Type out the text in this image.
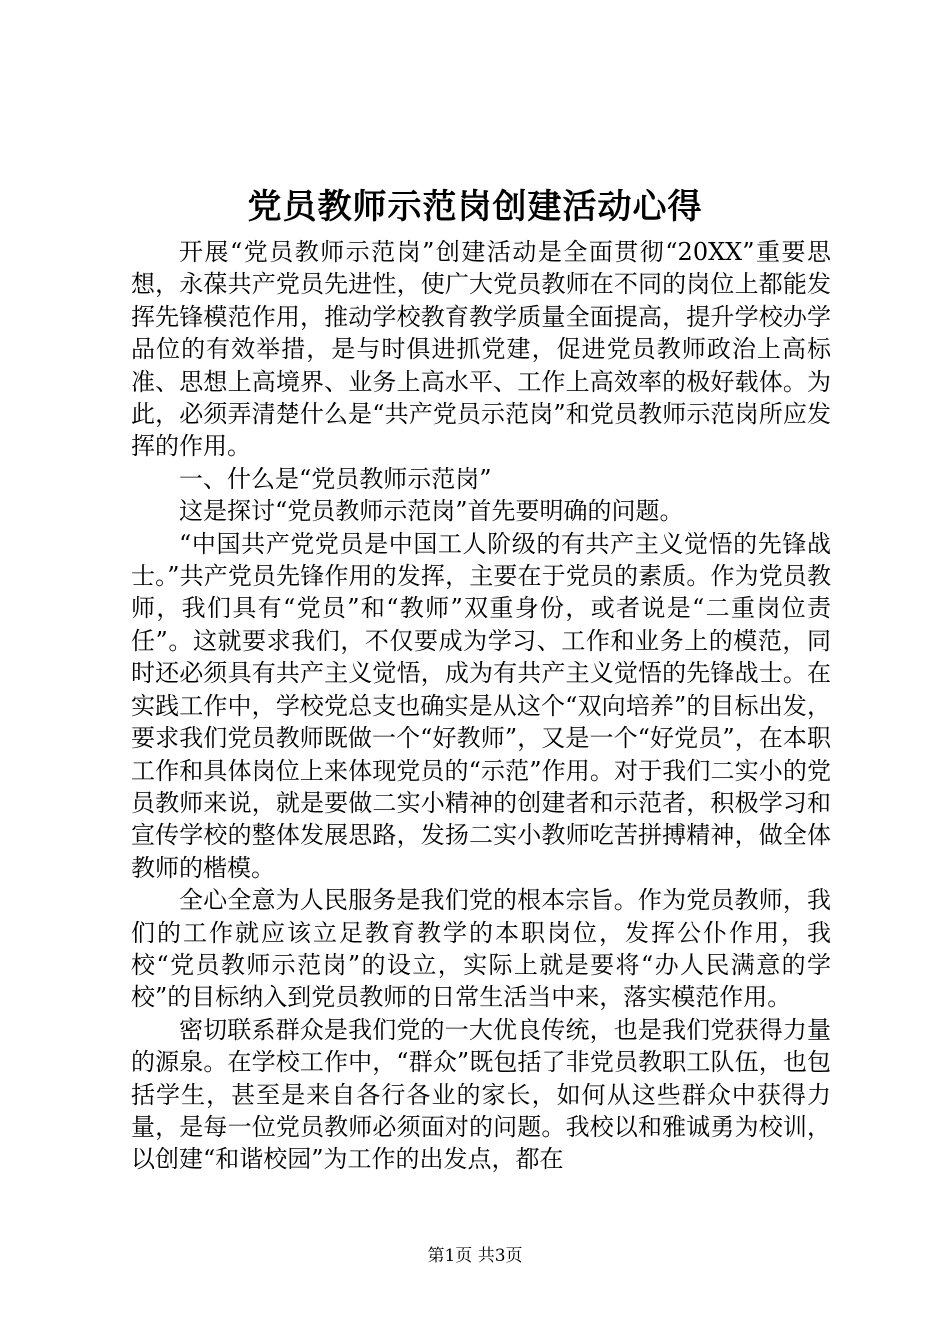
党员教师示范岗创建活动心得

开展“党员教师示范岗”创建活动是全面贯彻“20XX”重要思想，永葆共产党员先进性，使广大党员教师在不同的岗位上都能发挥先锋模范作用，推动学校教育教学质量全面提高，提升学校办学品位的有效举措，是与时俱进抓党建，促进党员教师政治上高标准、思想上高境界、业务上高水平、工作上高效率的极好载体。为此，必须弄清楚什么是“共产党员示范岗”和党员教师示范岗所应发挥的作用。

一、什么是“党员教师示范岗”

这是探讨“党员教师示范岗”首先要明确的问题。

“中国共产党党员是中国工人阶级的有共产主义觉悟的先锋战士。”共产党员先锋作用的发挥，主要在于党员的素质。作为党员教师，我们具有“党员”和“教师”双重身份，或者说是“二重岗位责任”。这就要求我们，不仅要成为学习、工作和业务上的模范，同时还必须具有共产主义觉悟，成为有共产主义觉悟的先锋战士。在实践工作中，学校党总支也确实是从这个“双向培养”的目标出发，要求我们党员教师既做一个“好教师”，又是一个“好党员”，在本职工作和具体岗位上来体现党员的“示范”作用。对于我们二实小的党员教师来说，就是要做二实小精神的创建者和示范者，积极学习和宣传学校的整体发展思路，发扬二实小教师吃苦拼搏精神，做全体教师的楷模。

全心全意为人民服务是我们党的根本宗旨。作为党员教师，我们的工作就应该立足教育教学的本职岗位，发挥公仆作用，我校“党员教师示范岗”的设立，实际上就是要将“办人民满意的学校”的目标纳入到党员教师的日常生活当中来，落实模范作用。

密切联系群众是我们党的一大优良传统，也是我们党获得力量的源泉。在学校工作中，“群众”既包括了非党员教职工队伍，也包括学生，甚至是来自各行各业的家长，如何从这些群众中获得力量，是每一位党员教师必须面对的问题。我校以和雅诚勇为校训，以创建“和谐校园”为工作的出发点，都在

第1页 共3页
